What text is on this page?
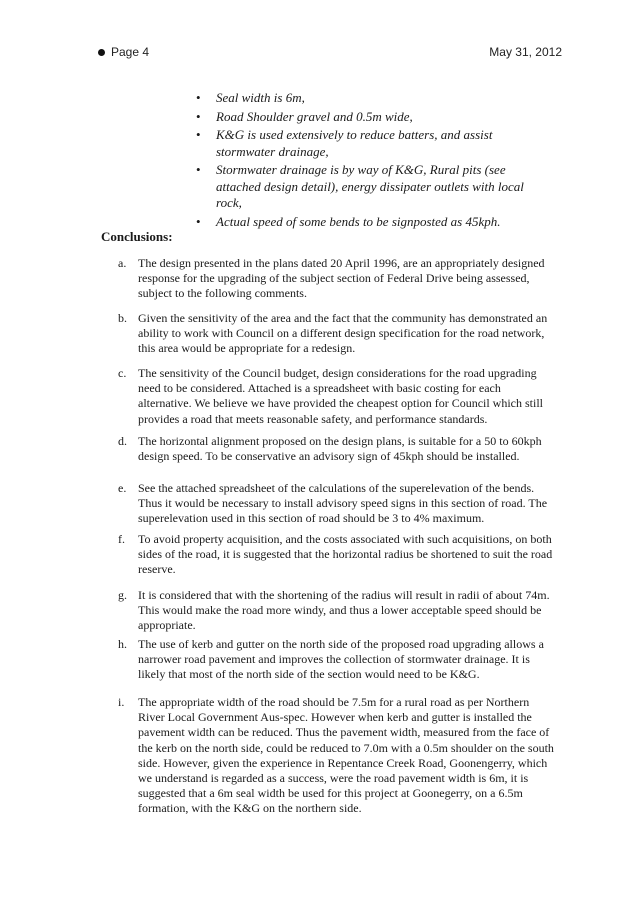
Page 4	May 31, 2012
• Seal width is 6m,
• Road Shoulder gravel and 0.5m wide,
• K&G is used extensively to reduce batters, and assist stormwater drainage,
• Stormwater drainage is by way of K&G, Rural pits (see attached design detail), energy dissipater outlets with local rock,
• Actual speed of some bends to be signposted as 45kph.
Conclusions:
a. The design presented in the plans dated 20 April 1996, are an appropriately designed response for the upgrading of the subject section of Federal Drive being assessed, subject to the following comments.
b. Given the sensitivity of the area and the fact that the community has demonstrated an ability to work with Council on a different design specification for the road network, this area would be appropriate for a redesign.
c. The sensitivity of the Council budget, design considerations for the road upgrading need to be considered. Attached is a spreadsheet with basic costing for each alternative. We believe we have provided the cheapest option for Council which still provides a road that meets reasonable safety, and performance standards.
d. The horizontal alignment proposed on the design plans, is suitable for a 50 to 60kph design speed. To be conservative an advisory sign of 45kph should be installed.
e. See the attached spreadsheet of the calculations of the superelevation of the bends. Thus it would be necessary to install advisory speed signs in this section of road. The superelevation used in this section of road should be 3 to 4% maximum.
f.	To avoid property acquisition, and the costs associated with such acquisitions, on both sides of the road, it is suggested that the horizontal radius be shortened to suit the road reserve.
g. It is considered that with the shortening of the radius will result in radii of about 74m. This would make the road more windy, and thus a lower acceptable speed should be appropriate.
h. The use of kerb and gutter on the north side of the proposed road upgrading allows a narrower road pavement and improves the collection of stormwater drainage. It is likely that most of the north side of the section would need to be K&G.
i.	The appropriate width of the road should be 7.5m for a rural road as per Northern River Local Government Aus-spec. However when kerb and gutter is installed the pavement width can be reduced. Thus the pavement width, measured from the face of the kerb on the north side, could be reduced to 7.0m with a 0.5m shoulder on the south side. However, given the experience in Repentance Creek Road, Goonengerry, which we understand is regarded as a success, were the road pavement width is 6m, it is suggested that a 6m seal width be used for this project at Goonegerry, on a 6.5m formation, with the K&G on the northern side.
